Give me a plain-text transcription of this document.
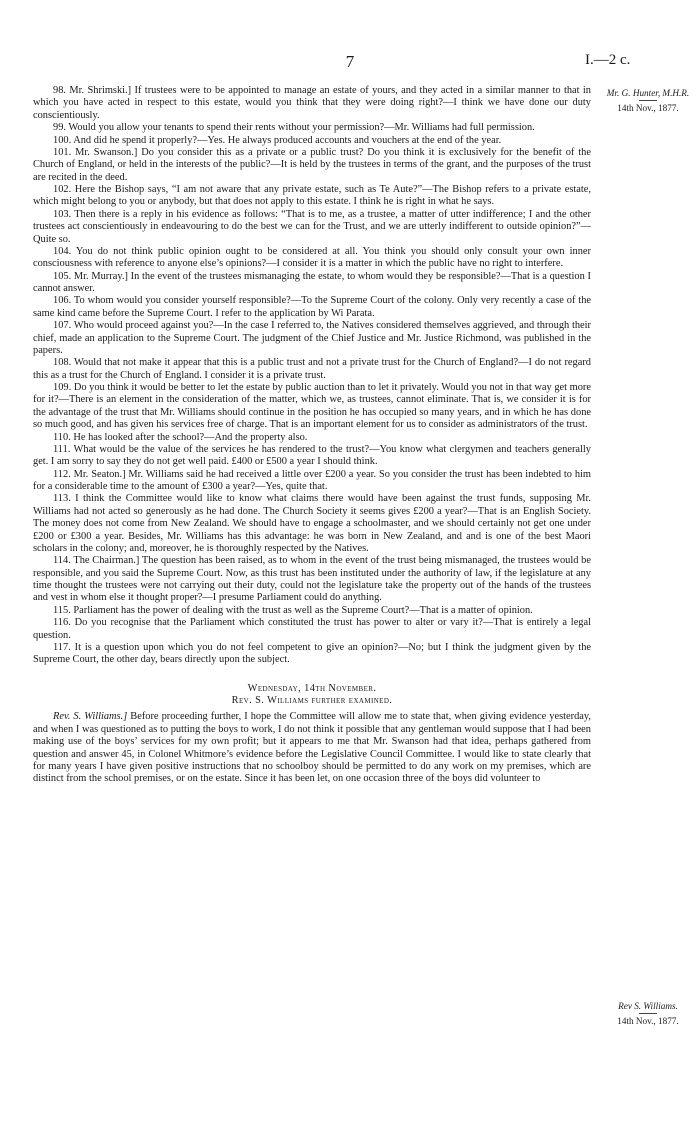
7	I.—2 c.
Mr. G. Hunter, M.H.R.
14th Nov., 1877.
Rev S. Williams.
14th Nov., 1877.

98. Mr. Shrimski.] If trustees were to be appointed to manage an estate of yours, and they acted in a similar manner to that in which you have acted in respect to this estate, would you think that they were doing right?—I think we have done our duty conscientiously.

99. Would you allow your tenants to spend their rents without your permission?—Mr. Williams had full permission.

100. And did he spend it properly?—Yes. He always produced accounts and vouchers at the end of the year.

101. Mr. Swanson.] Do you consider this as a private or a public trust? Do you think it is exclusively for the benefit of the Church of England, or held in the interests of the public?—It is held by the trustees in terms of the grant, and the purposes of the trust are recited in the deed.

102. Here the Bishop says, “I am not aware that any private estate, such as Te Aute?”—The Bishop refers to a private estate, which might belong to you or anybody, but that does not apply to this estate. I think he is right in what he says.

103. Then there is a reply in his evidence as follows: “That is to me, as a trustee, a matter of utter indifference; I and the other trustees act conscientiously in endeavouring to do the best we can for the Trust, and we are utterly indifferent to outside opinion?”—Quite so.

104. You do not think public opinion ought to be considered at all. You think you should only consult your own inner consciousness with reference to anyone else’s opinions?—I consider it is a matter in which the public have no right to interfere.

105. Mr. Murray.] In the event of the trustees mismanaging the estate, to whom would they be responsible?—That is a question I cannot answer.

106. To whom would you consider yourself responsible?—To the Supreme Court of the colony. Only very recently a case of the same kind came before the Supreme Court. I refer to the application by Wi Parata.

107. Who would proceed against you?—In the case I referred to, the Natives considered themselves aggrieved, and through their chief, made an application to the Supreme Court. The judgment of the Chief Justice and Mr. Justice Richmond, was published in the papers.

108. Would that not make it appear that this is a public trust and not a private trust for the Church of England?—I do not regard this as a trust for the Church of England. I consider it is a private trust.

109. Do you think it would be better to let the estate by public auction than to let it privately. Would you not in that way get more for it?—There is an element in the consideration of the matter, which we, as trustees, cannot eliminate. That is, we consider it is for the advantage of the trust that Mr. Williams should continue in the position he has occupied so many years, and in which he has done so much good, and has given his services free of charge. That is an important element for us to consider as administrators of the trust.

110. He has looked after the school?—And the property also.

111. What would be the value of the services he has rendered to the trust?—You know what clergymen and teachers generally get. I am sorry to say they do not get well paid. £400 or £500 a year I should think.

112. Mr. Seaton.] Mr. Williams said he had received a little over £200 a year. So you consider the trust has been indebted to him for a considerable time to the amount of £300 a year?—Yes, quite that.

113. I think the Committee would like to know what claims there would have been against the trust funds, supposing Mr. Williams had not acted so generously as he had done. The Church Society it seems gives £200 a year?—That is an English Society. The money does not come from New Zealand. We should have to engage a schoolmaster, and we should certainly not get one under £200 or £300 a year. Besides, Mr. Williams has this advantage: he was born in New Zealand, and and is one of the best Maori scholars in the colony; and, moreover, he is thoroughly respected by the Natives.

114. The Chairman.] The question has been raised, as to whom in the event of the trust being mismanaged, the trustees would be responsible, and you said the Supreme Court. Now, as this trust has been instituted under the authority of law, if the legislature at any time thought the trustees were not carrying out their duty, could not the legislature take the property out of the hands of the trustees and vest in whom else it thought proper?—I presume Parliament could do anything.

115. Parliament has the power of dealing with the trust as well as the Supreme Court?—That is a matter of opinion.

116. Do you recognise that the Parliament which constituted the trust has power to alter or vary it?—That is entirely a legal question.

117. It is a question upon which you do not feel competent to give an opinion?—No; but I think the judgment given by the Supreme Court, the other day, bears directly upon the subject.

Wednesday, 14th November.

Rev. S. Williams further examined.

Rev. S. Williams.] Before proceeding further, I hope the Committee will allow me to state that, when giving evidence yesterday, and when I was questioned as to putting the boys to work, I do not think it possible that any gentleman would suppose that I had been making use of the boys’ services for my own profit; but it appears to me that Mr. Swanson had that idea, perhaps gathered from question and answer 45, in Colonel Whitmore’s evidence before the Legislative Council Committee. I would like to state clearly that for many years I have given positive instructions that no schoolboy should be permitted to do any work on my premises, which are distinct from the school premises, or on the estate. Since it has been let, on one occasion three of the boys did volunteer to
